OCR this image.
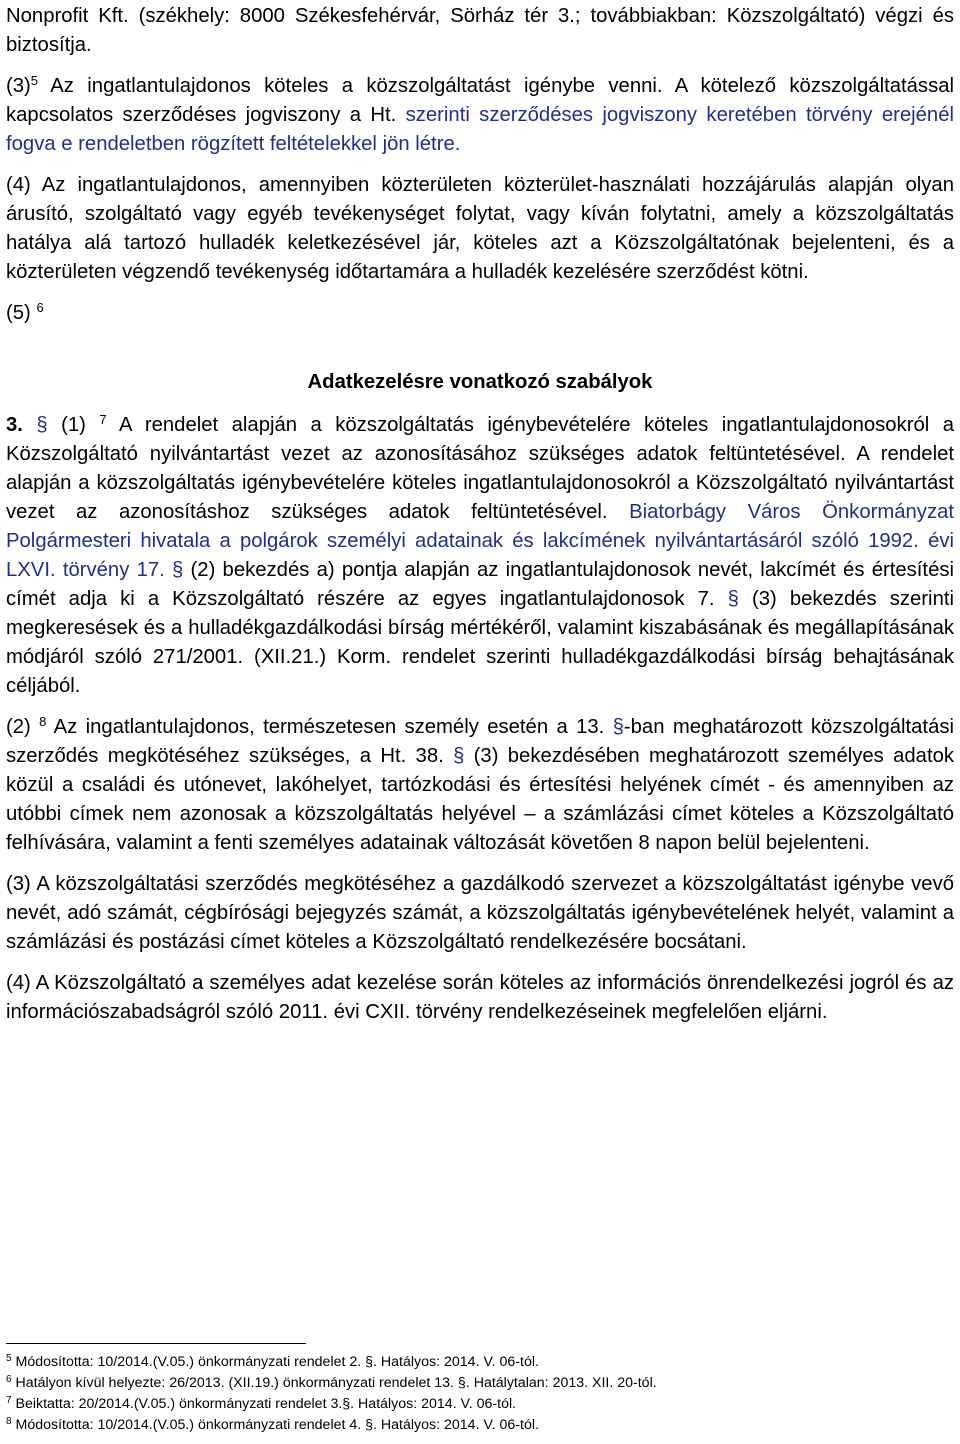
Nonprofit Kft. (székhely: 8000 Székesfehérvár, Sörház tér 3.; továbbiakban: Közszolgáltató) végzi és biztosítja.

$(3)^5$ Az ingatlantulajdonos köteles a közszolgáltatást igénybe venni. A kötelező közszolgáltatással kapcsolatos szerződéses jogviszony a Ht. szerinti szerződéses jogviszony keretében törvény erejénél fogva e rendeletben rögzített feltételekkel jön létre.

(4) Az ingatlantulajdonos, amennyiben közterületen közterület-használati hozzájárulás alapján olyan árusító, szolgáltató vagy egyéb tevékenységet folytat, vagy kíván folytatni, amely a közszolgáltatás hatálya alá tartozó hulladék keletkezésével jár, köteles azt a Közszolgáltatónak bejelenteni, és a közterületen végzendő tevékenység időtartamára a hulladék kezelésére szerződést kötni.

(5) $^6$

Adatkezelésre vonatkozó szabályok

3. § (1) $^7$ A rendelet alapján a közszolgáltatás igénybevételére köteles ingatlantulajdonosokról a Közszolgáltató nyilvántartást vezet az azonosításához szükséges adatok feltüntetésével. A rendelet alapján a közszolgáltatás igénybevételére köteles ingatlantulajdonosokról a Közszolgáltató nyilvántartást vezet az azonosításhoz szükséges adatok feltüntetésével. Biatorbágy Város Önkormányzat Polgármesteri hivatala a polgárok személyi adatainak és lakcímének nyilvántartásáról szóló 1992. évi LXVI. törvény 17. § (2) bekezdés a) pontja alapján az ingatlantulajdonosok nevét, lakcímét és értesítési címét adja ki a Közszolgáltató részére az egyes ingatlantulajdonosok 7. § (3) bekezdés szerinti megkeresések és a hulladékgazdálkodási bírság mértékéről, valamint kiszabásának és megállapításának módjáról szóló 271/2001. (XII.21.) Korm. rendelet szerinti hulladékgazdálkodási bírság behajtásának céljából.

(2) $^8$ Az ingatlantulajdonos, természetesen személy esetén a 13. §-ban meghatározott közszolgáltatási szerződés megkötéséhez szükséges, a Ht. 38. § (3) bekezdésében meghatározott személyes adatok közül a családi és utónevet, lakóhelyet, tartózkodási és értesítési helyének címét - és amennyiben az utóbbi címek nem azonosak a közszolgáltatás helyével – a számlázási címet köteles a Közszolgáltató felhívására, valamint a fenti személyes adatainak változását követően 8 napon belül bejelenteni.

(3) A közszolgáltatási szerződés megkötéséhez a gazdálkodó szervezet a közszolgáltatást igénybe vevő nevét, adó számát, cégbírósági bejegyzés számát, a közszolgáltatás igénybevételének helyét, valamint a számlázási és postázási címet köteles a Közszolgáltató rendelkezésére bocsátani.

(4) A Közszolgáltató a személyes adat kezelése során köteles az információs önrendelkezési jogról és az információszabadságról szóló 2011. évi CXII. törvény rendelkezéseinek megfelelően eljárni.

$^5$ Módosította: 10/2014.(V.05.) önkormányzati rendelet 2. §. Hatályos: 2014. V. 06-tól.
$^6$ Hatályon kívül helyezte: 26/2013. (XII.19.) önkormányzati rendelet 13. §. Hatálytalan: 2013. XII. 20-tól.
$^7$ Beiktatta: 20/2014.(V.05.) önkormányzati rendelet 3.§. Hatályos: 2014. V. 06-tól.
$^8$ Módosította: 10/2014.(V.05.) önkormányzati rendelet 4. §. Hatályos: 2014. V. 06-tól.
